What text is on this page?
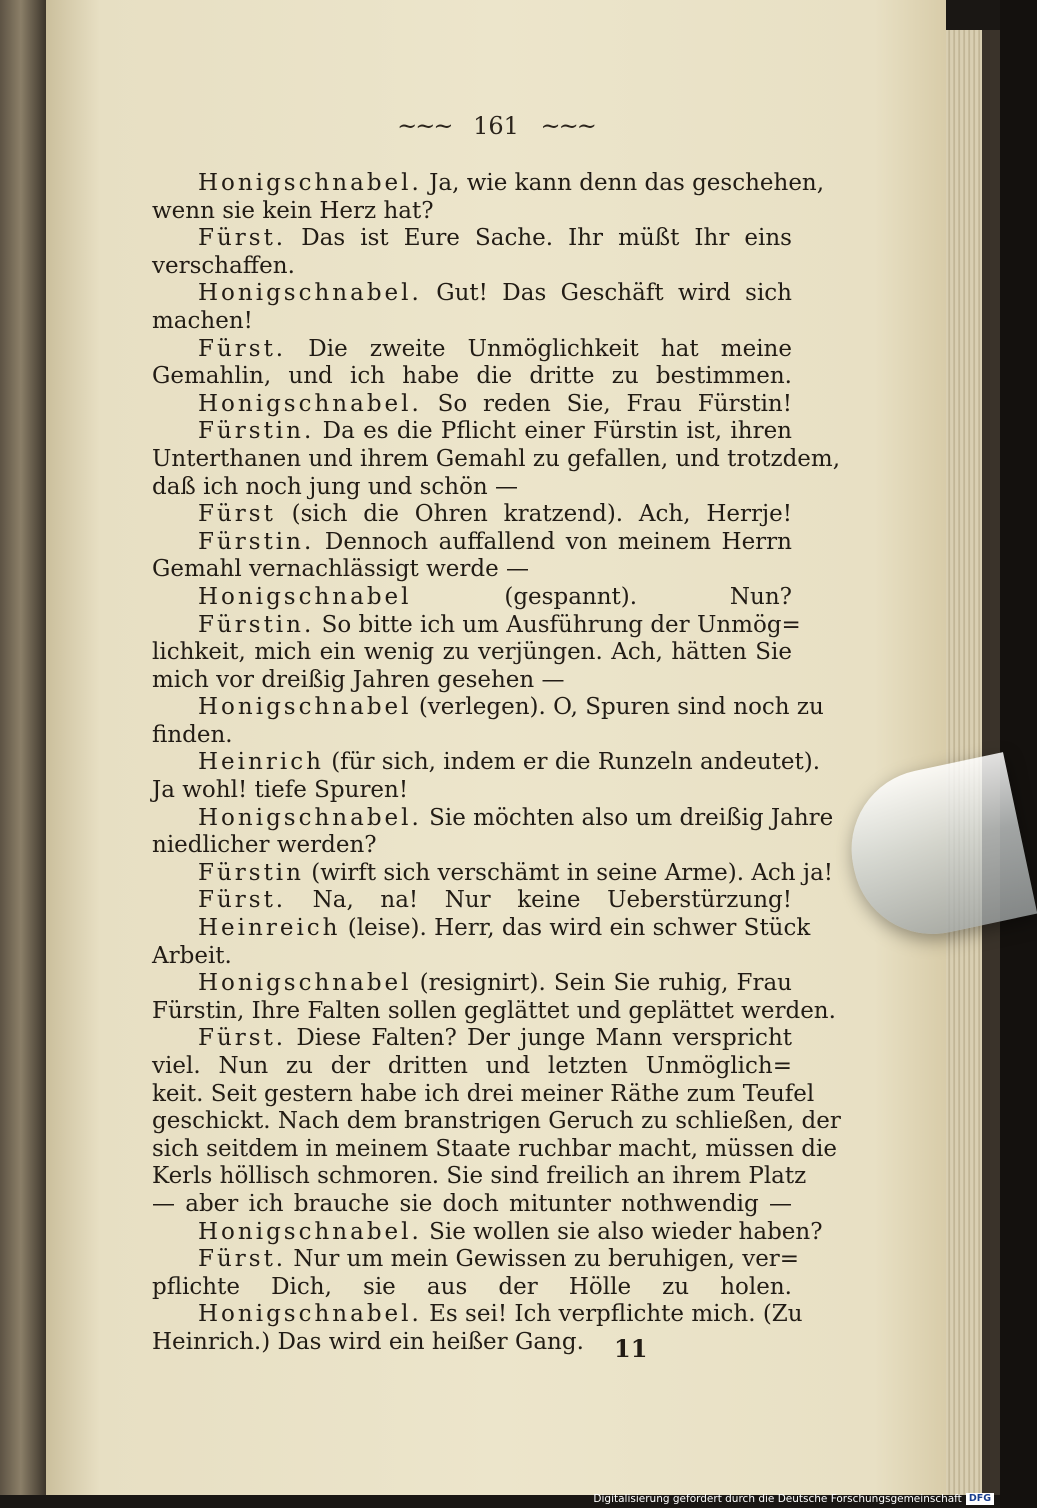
~~~ 161 ~~~
Honigschnabel. Ja, wie kann denn das geschehen,
wenn sie kein Herz hat?
Fürst. Das ist Eure Sache. Ihr müßt Ihr eins
verschaffen.
Honigschnabel. Gut! Das Geschäft wird sich
machen!
Fürst. Die zweite Unmöglichkeit hat meine
Gemahlin, und ich habe die dritte zu bestimmen.
Honigschnabel. So reden Sie, Frau Fürstin!
Fürstin. Da es die Pflicht einer Fürstin ist, ihren
Unterthanen und ihrem Gemahl zu gefallen, und trotzdem,
daß ich noch jung und schön —
Fürst (sich die Ohren kratzend). Ach, Herrje!
Fürstin. Dennoch auffallend von meinem Herrn
Gemahl vernachlässigt werde —
Honigschnabel (gespannt). Nun?
Fürstin. So bitte ich um Ausführung der Unmög=
lichkeit, mich ein wenig zu verjüngen. Ach, hätten Sie
mich vor dreißig Jahren gesehen —
Honigschnabel (verlegen). O, Spuren sind noch zu
finden.
Heinrich (für sich, indem er die Runzeln andeutet).
Ja wohl! tiefe Spuren!
Honigschnabel. Sie möchten also um dreißig Jahre
niedlicher werden?
Fürstin (wirft sich verschämt in seine Arme). Ach ja!
Fürst. Na, na! Nur keine Ueberstürzung!
Heinreich (leise). Herr, das wird ein schwer Stück
Arbeit.
Honigschnabel (resignirt). Sein Sie ruhig, Frau
Fürstin, Ihre Falten sollen geglättet und geplättet werden.
Fürst. Diese Falten? Der junge Mann verspricht
viel. Nun zu der dritten und letzten Unmöglich=
keit. Seit gestern habe ich drei meiner Räthe zum Teufel
geschickt. Nach dem branstrigen Geruch zu schließen, der
sich seitdem in meinem Staate ruchbar macht, müssen die
Kerls höllisch schmoren. Sie sind freilich an ihrem Platz
— aber ich brauche sie doch mitunter nothwendig —
Honigschnabel. Sie wollen sie also wieder haben?
Fürst. Nur um mein Gewissen zu beruhigen, ver=
pflichte Dich, sie aus der Hölle zu holen.
Honigschnabel. Es sei! Ich verpflichte mich. (Zu
Heinrich.) Das wird ein heißer Gang.	11
Digitalisierung gefördert durch die Deutsche Forschungsgemeinschaft DFG
